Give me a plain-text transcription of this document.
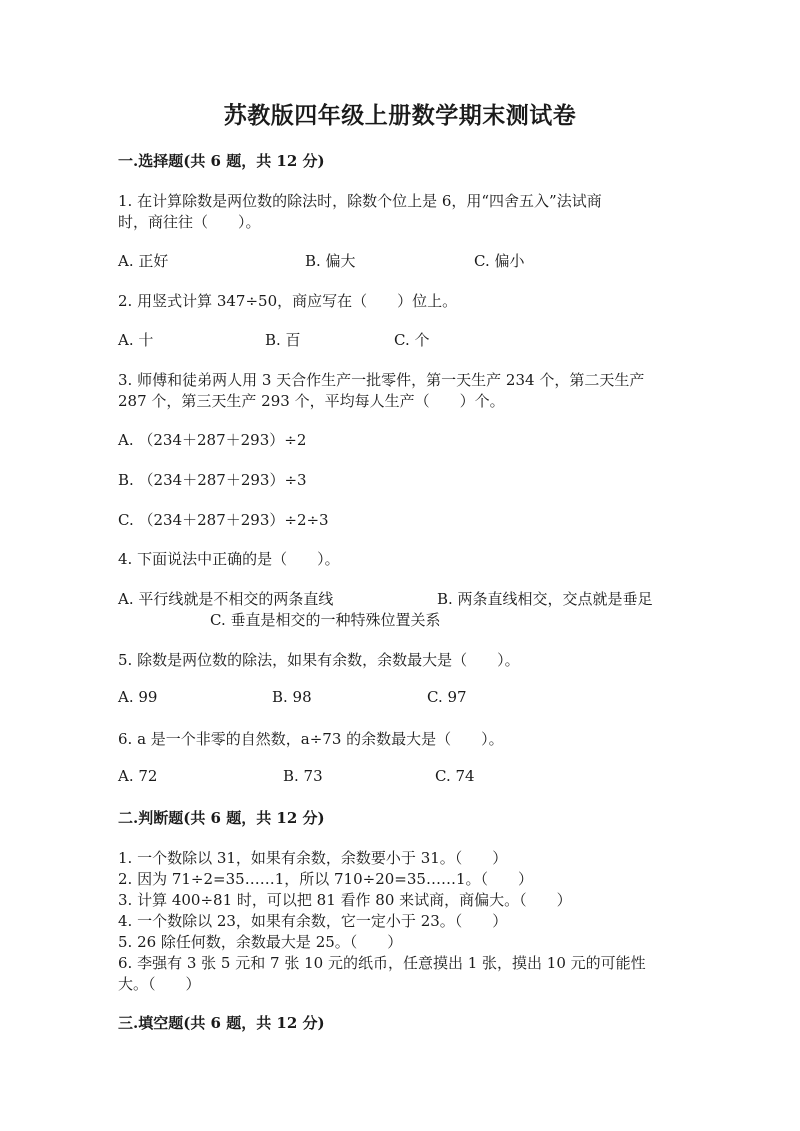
苏教版四年级上册数学期末测试卷
一.选择题(共 6 题，共 12 分)
1. 在计算除数是两位数的除法时，除数个位上是 6，用“四舍五入”法试商
时，商往往（　　）。
A. 正好	B. 偏大	C. 偏小
2. 用竖式计算 347÷50，商应写在（　　）位上。
A. 十	B. 百	C. 个
3. 师傅和徒弟两人用 3 天合作生产一批零件，第一天生产 234 个，第二天生产
287 个，第三天生产 293 个，平均每人生产（　　）个。
A. （234＋287＋293）÷2
B. （234＋287＋293）÷3
C. （234＋287＋293）÷2÷3
4. 下面说法中正确的是（　　）。
A. 平行线就是不相交的两条直线	B. 两条直线相交，交点就是垂足
C. 垂直是相交的一种特殊位置关系
5. 除数是两位数的除法，如果有余数，余数最大是（　　）。
A. 99	B. 98	C. 97
6. a 是一个非零的自然数，a÷73 的余数最大是（　　）。
A. 72	B. 73	C. 74
二.判断题(共 6 题，共 12 分)
1. 一个数除以 31，如果有余数，余数要小于 31。（　　）
2. 因为 71÷2=35……1，所以 710÷20=35……1。（　　）
3. 计算 400÷81 时，可以把 81 看作 80 来试商，商偏大。（　　）
4. 一个数除以 23，如果有余数，它一定小于 23。（　　）
5. 26 除任何数，余数最大是 25。（　　）
6. 李强有 3 张 5 元和 7 张 10 元的纸币，任意摸出 1 张，摸出 10 元的可能性
大。（　　）
三.填空题(共 6 题，共 12 分)
